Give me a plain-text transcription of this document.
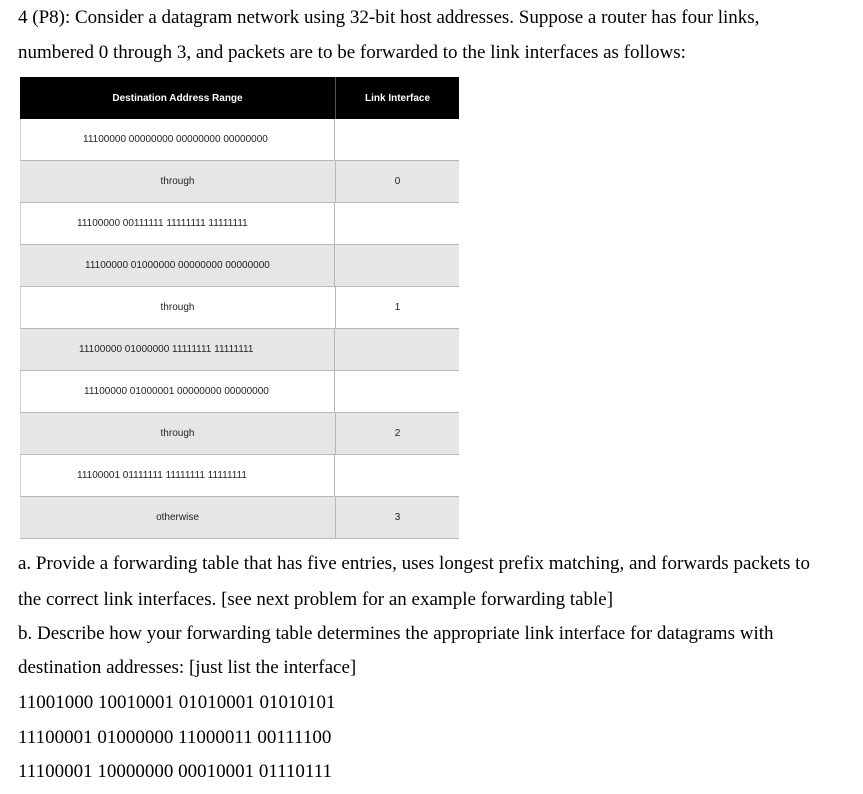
4 (P8): Consider a datagram network using 32-bit host addresses. Suppose a router has four links,
numbered 0 through 3, and packets are to be forwarded to the link interfaces as follows:
Destination Address Range	Link Interface
11100000 00000000 00000000 00000000
through	0
11100000 00111111 11111111 11111111
11100000 01000000 00000000 00000000
through	1
11100000 01000000 11111111 11111111
11100000 01000001 00000000 00000000
through	2
11100001 01111111 11111111 11111111
otherwise	3
a. Provide a forwarding table that has five entries, uses longest prefix matching, and forwards packets to
the correct link interfaces. [see next problem for an example forwarding table]
b. Describe how your forwarding table determines the appropriate link interface for datagrams with
destination addresses: [just list the interface]
11001000 10010001 01010001 01010101
11100001 01000000 11000011 00111100
11100001 10000000 00010001 01110111
